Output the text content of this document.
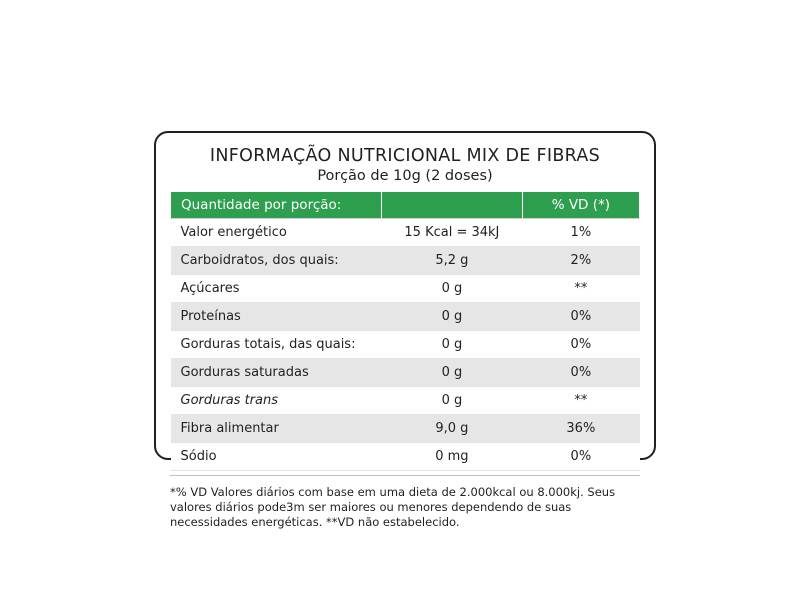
INFORMAÇÃO NUTRICIONAL MIX DE FIBRAS
Porção de 10g (2 doses)
Quantidade por porção:		% VD (*)
Valor energético	15 Kcal = 34kJ	1%
Carboidratos, dos quais:	5,2 g	2%
Açúcares	0 g	**
Proteínas	0 g	0%
Gorduras totais, das quais:	0 g	0%
Gorduras saturadas	0 g	0%
Gorduras trans	0 g	**
Fibra alimentar	9,0 g	36%
Sódio	0 mg	0%
*% VD Valores diários com base em uma dieta de 2.000kcal ou 8.000kj. Seus valores diários pode3m ser maiores ou menores dependendo de suas necessidades energéticas. **VD não estabelecido.
